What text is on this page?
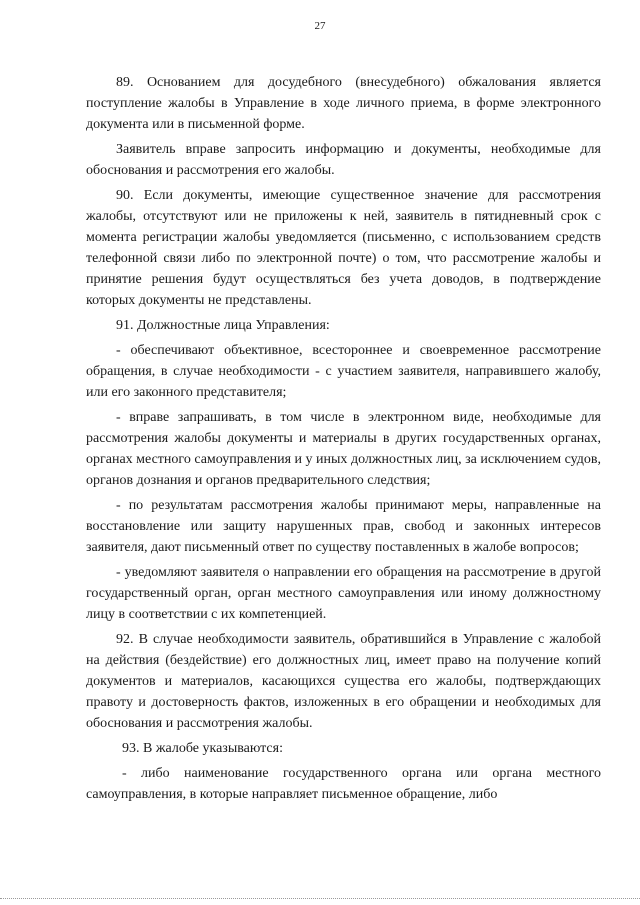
27

89. Основанием для досудебного (внесудебного) обжалования является поступление жалобы в Управление в ходе личного приема, в форме электронного документа или в письменной форме.

Заявитель вправе запросить информацию и документы, необходимые для обоснования и рассмотрения его жалобы.

90. Если документы, имеющие существенное значение для рассмотрения жалобы, отсутствуют или не приложены к ней, заявитель в пятидневный срок с момента регистрации жалобы уведомляется (письменно, с использованием средств телефонной связи либо по электронной почте) о том, что рассмотрение жалобы и принятие решения будут осуществляться без учета доводов, в подтверждение которых документы не представлены.

91. Должностные лица Управления:

- обеспечивают объективное, всестороннее и своевременное рассмотрение обращения, в случае необходимости - с участием заявителя, направившего жалобу, или его законного представителя;

- вправе запрашивать, в том числе в электронном виде, необходимые для рассмотрения жалобы документы и материалы в других государственных органах, органах местного самоуправления и у иных должностных лиц, за исключением судов, органов дознания и органов предварительного следствия;

- по результатам рассмотрения жалобы принимают меры, направленные на восстановление или защиту нарушенных прав, свобод и законных интересов заявителя, дают письменный ответ по существу поставленных в жалобе вопросов;

- уведомляют заявителя о направлении его обращения на рассмотрение в другой государственный орган, орган местного самоуправления или иному должностному лицу в соответствии с их компетенцией.

92. В случае необходимости заявитель, обратившийся в Управление с жалобой на действия (бездействие) его должностных лиц, имеет право на получение копий документов и материалов, касающихся существа его жалобы, подтверждающих правоту и достоверность фактов, изложенных в его обращении и необходимых для обоснования и рассмотрения жалобы.

93. В жалобе указываются:

- либо наименование государственного органа или органа местного самоуправления, в которые направляет письменное обращение, либо
